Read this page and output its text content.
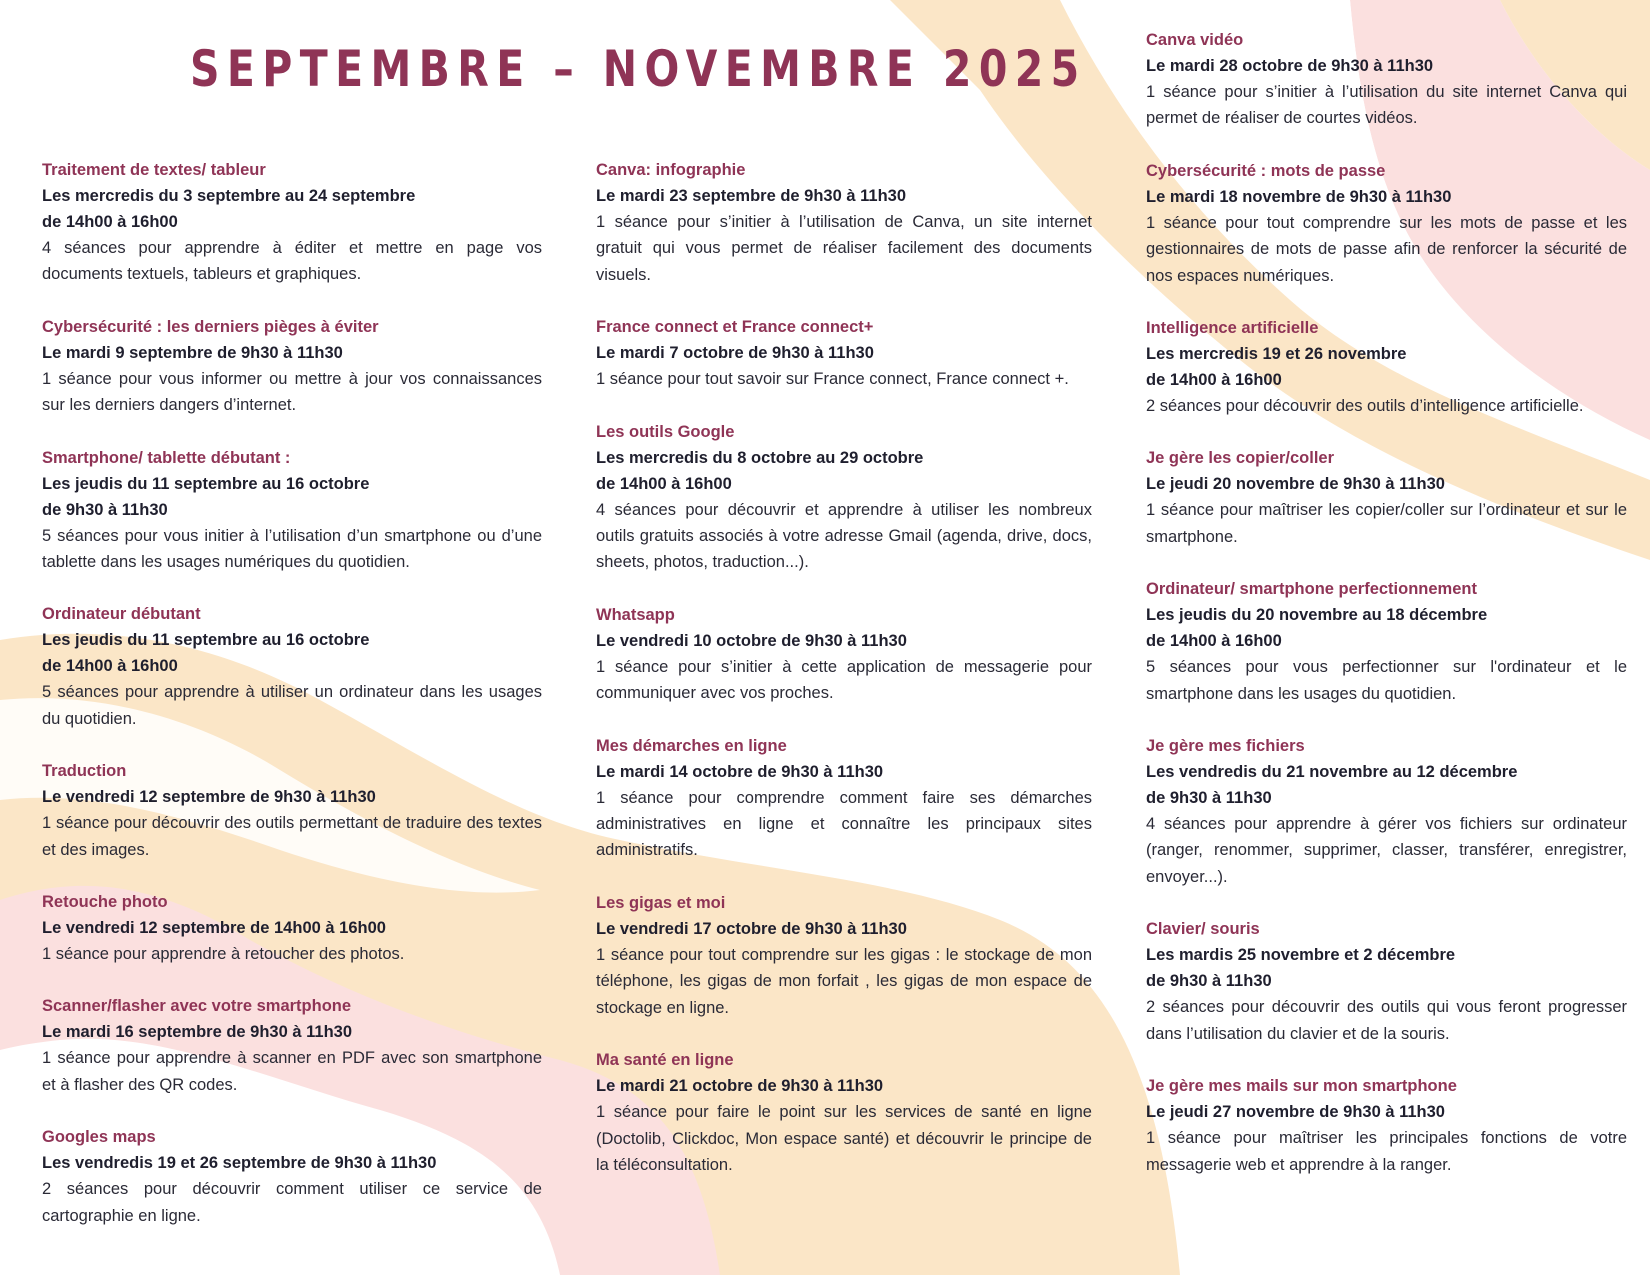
SEPTEMBRE – NOVEMBRE 2025

Traitement de textes/ tableur

Les mercredis du 3 septembre au 24 septembre
de 14h00 à 16h00

4 séances pour apprendre à éditer et mettre en page vos documents textuels, tableurs et graphiques.

Cybersécurité : les derniers pièges à éviter

Le mardi 9 septembre de 9h30 à 11h30

1 séance pour vous informer ou mettre à jour vos connaissances sur les derniers dangers d’internet.

Smartphone/ tablette débutant :

Les jeudis du 11 septembre au 16 octobre
de 9h30 à 11h30

5 séances pour vous initier à l’utilisation d’un smartphone ou d’une tablette dans les usages numériques du quotidien.

Ordinateur débutant

Les jeudis du 11 septembre au 16 octobre
de 14h00 à 16h00

5 séances pour apprendre à utiliser un ordinateur dans les usages du quotidien.

Traduction

Le vendredi 12 septembre de 9h30 à 11h30

1 séance pour découvrir des outils permettant de traduire des textes et des images.

Retouche photo

Le vendredi 12 septembre de 14h00 à 16h00

1 séance pour apprendre à retoucher des photos.

Scanner/flasher avec votre smartphone

Le mardi 16 septembre de 9h30 à 11h30

1 séance pour apprendre à scanner en PDF avec son smartphone et à flasher des QR codes.

Googles maps

Les vendredis 19 et 26 septembre de 9h30 à 11h30

2 séances pour découvrir comment utiliser ce service de cartographie en ligne.

Canva: infographie

Le mardi 23 septembre de 9h30 à 11h30

1 séance pour s’initier à l’utilisation de Canva, un site internet gratuit qui vous permet de réaliser facilement des documents visuels.

France connect et France connect+

Le mardi 7 octobre de 9h30 à 11h30

1 séance pour tout savoir sur France connect, France connect +.

Les outils Google

Les mercredis du 8 octobre au 29 octobre
de 14h00 à 16h00

4 séances pour découvrir et apprendre à utiliser les nombreux outils gratuits associés à votre adresse Gmail (agenda, drive, docs, sheets, photos, traduction...).

Whatsapp

Le vendredi 10 octobre de 9h30 à 11h30

1 séance pour s’initier à cette application de messagerie pour communiquer avec vos proches.

Mes démarches en ligne

Le mardi 14 octobre de 9h30 à 11h30

1 séance pour comprendre comment faire ses démarches administratives en ligne et connaître les principaux sites administratifs.

Les gigas et moi

Le vendredi 17 octobre de 9h30 à 11h30

1 séance pour tout comprendre sur les gigas : le stockage de mon téléphone, les gigas de mon forfait , les gigas de mon espace de stockage en ligne.

Ma santé en ligne

Le mardi 21 octobre de 9h30 à 11h30

1 séance pour faire le point sur les services de santé en ligne (Doctolib, Clickdoc, Mon espace santé) et découvrir le principe de la téléconsultation.

Canva vidéo

Le mardi 28 octobre de 9h30 à 11h30

1 séance pour s’initier à l’utilisation du site internet Canva qui permet de réaliser de courtes vidéos.

Cybersécurité : mots de passe

Le mardi 18 novembre de 9h30 à 11h30

1 séance pour tout comprendre sur les mots de passe et les gestionnaires de mots de passe afin de renforcer la sécurité de nos espaces numériques.

Intelligence artificielle

Les mercredis 19 et 26 novembre
de 14h00 à 16h00

2 séances pour découvrir des outils d’intelligence artificielle.

Je gère les copier/coller

Le jeudi 20 novembre de 9h30 à 11h30

1 séance pour maîtriser les copier/coller sur l’ordinateur et sur le smartphone.

Ordinateur/ smartphone perfectionnement

Les jeudis du 20 novembre au 18 décembre
de 14h00 à 16h00

5 séances pour vous perfectionner sur l'ordinateur et le smartphone dans les usages du quotidien.

Je gère mes fichiers

Les vendredis du 21 novembre au 12 décembre
de 9h30 à 11h30

4 séances pour apprendre à gérer vos fichiers sur ordinateur (ranger, renommer, supprimer, classer, transférer, enregistrer, envoyer...).

Clavier/ souris

Les mardis 25 novembre et 2 décembre
de 9h30 à 11h30

2 séances pour découvrir des outils qui vous feront progresser dans l’utilisation du clavier et de la souris.

Je gère mes mails sur mon smartphone

Le jeudi 27 novembre de 9h30 à 11h30

1 séance pour maîtriser les principales fonctions de votre messagerie web et apprendre à la ranger.
